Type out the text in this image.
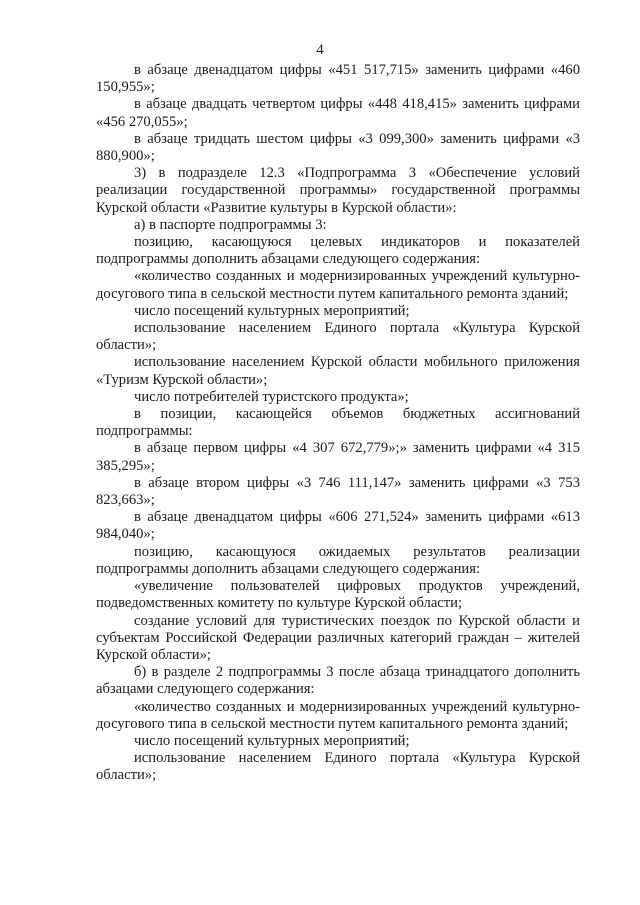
4

в абзаце двенадцатом цифры «451 517,715» заменить цифрами «460 150,955»;

в абзаце двадцать четвертом цифры «448 418,415» заменить цифрами «456 270,055»;

в абзаце тридцать шестом цифры «3 099,300» заменить цифрами «3 880,900»;

3) в подразделе 12.3 «Подпрограмма 3 «Обеспечение условий реализации государственной программы» государственной программы Курской области «Развитие культуры в Курской области»:

а) в паспорте подпрограммы 3:

позицию, касающуюся целевых индикаторов и показателей подпрограммы дополнить абзацами следующего содержания:

«количество созданных и модернизированных учреждений культурно-досугового типа в сельской местности путем капитального ремонта зданий;

число посещений культурных мероприятий;

использование населением Единого портала «Культура Курской области»;

использование населением Курской области мобильного приложения «Туризм Курской области»;

число потребителей туристского продукта»;

в позиции, касающейся объемов бюджетных ассигнований подпрограммы:

в абзаце первом цифры «4 307 672,779»;» заменить цифрами «4 315 385,295»;

в абзаце втором цифры «3 746 111,147» заменить цифрами «3 753 823,663»;

в абзаце двенадцатом цифры «606 271,524» заменить цифрами «613 984,040»;

позицию, касающуюся ожидаемых результатов реализации подпрограммы дополнить абзацами следующего содержания:

«увеличение пользователей цифровых продуктов учреждений, подведомственных комитету по культуре Курской области;

создание условий для туристических поездок по Курской области и субъектам Российской Федерации различных категорий граждан – жителей Курской области»;

б) в разделе 2 подпрограммы 3 после абзаца тринадцатого дополнить абзацами следующего содержания:

«количество созданных и модернизированных учреждений культурно-досугового типа в сельской местности путем капитального ремонта зданий;

число посещений культурных мероприятий;

использование населением Единого портала «Культура Курской области»;
